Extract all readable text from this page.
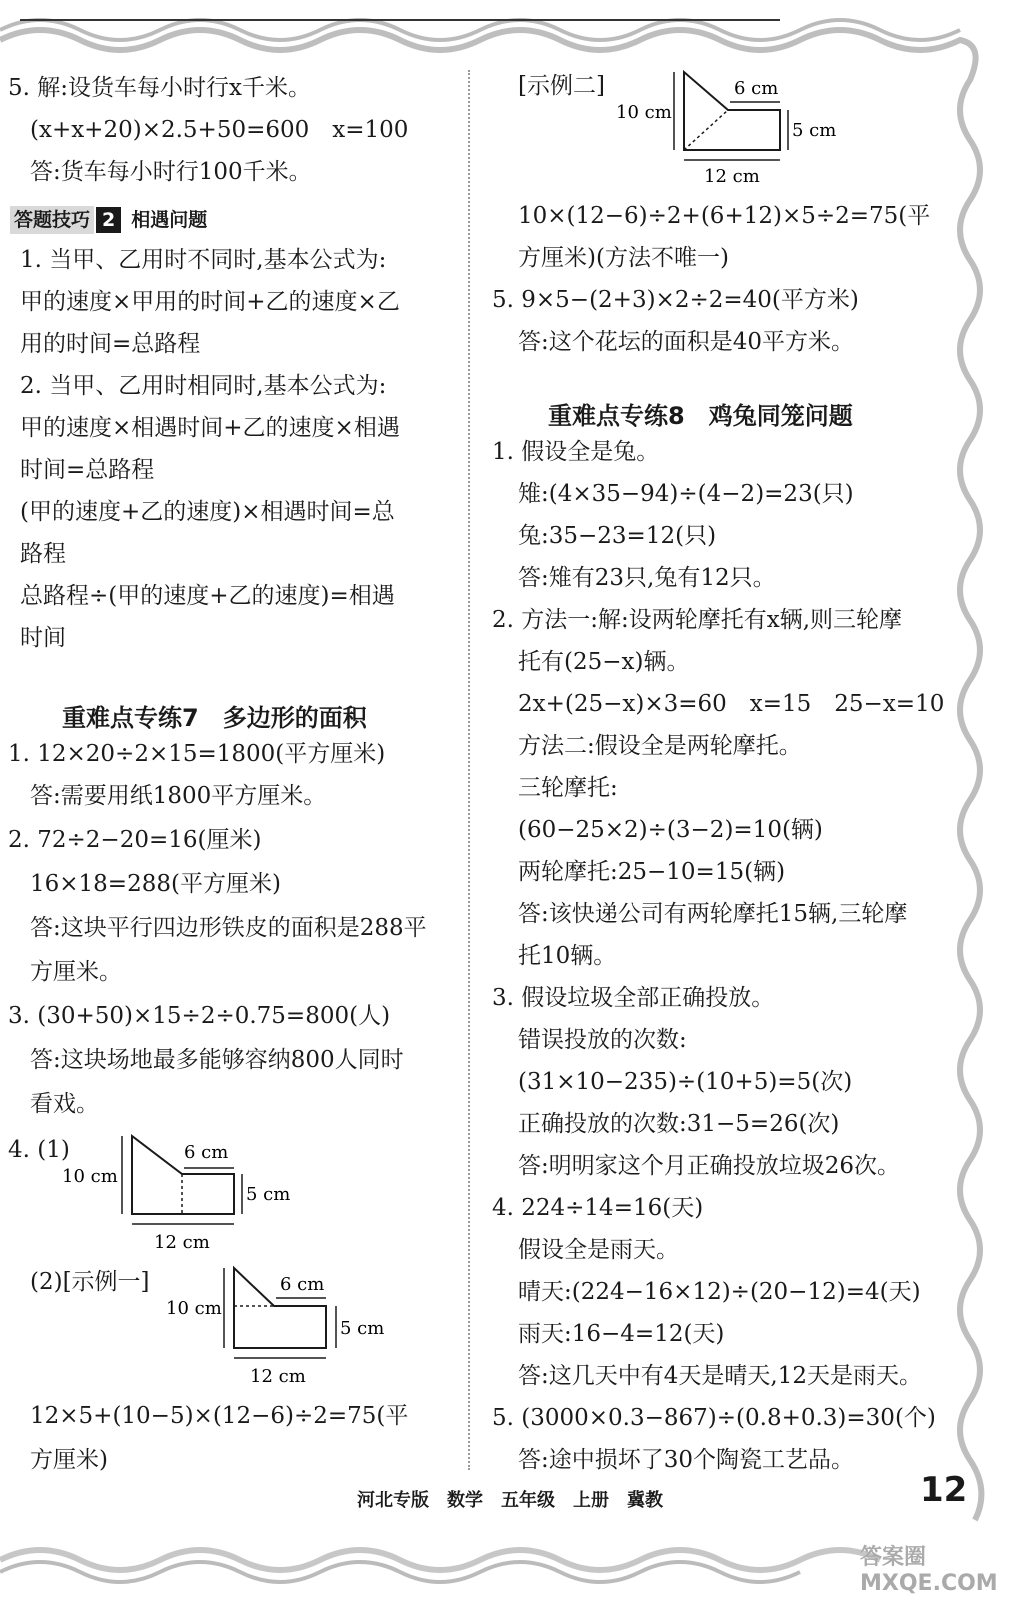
5. 解:设货车每小时行x千米。
(x+x+20)×2.5+50=600　x=100
答:货车每小时行100千米。
答题技巧 2 相遇问题
1. 当甲、乙用时不同时,基本公式为:
甲的速度×甲用的时间+乙的速度×乙
用的时间=总路程
2. 当甲、乙用时相同时,基本公式为:
甲的速度×相遇时间+乙的速度×相遇
时间=总路程
(甲的速度+乙的速度)×相遇时间=总
路程
总路程÷(甲的速度+乙的速度)=相遇
时间
重难点专练7　多边形的面积
1. 12×20÷2×15=1800(平方厘米)
答:需要用纸1800平方厘米。
2. 72÷2−20=16(厘米)
16×18=288(平方厘米)
答:这块平行四边形铁皮的面积是288平
方厘米。
3. (30+50)×15÷2÷0.75=800(人)
答:这块场地最多能够容纳800人同时
看戏。
4. (1)
10 cm
6 cm
5 cm
12 cm
(2)[示例一]
10 cm
6 cm
5 cm
12 cm
12×5+(10−5)×(12−6)÷2=75(平
方厘米)
[示例二]
10 cm
6 cm
5 cm
12 cm
10×(12−6)÷2+(6+12)×5÷2=75(平
方厘米)(方法不唯一)
5. 9×5−(2+3)×2÷2=40(平方米)
答:这个花坛的面积是40平方米。
重难点专练8　鸡兔同笼问题
1. 假设全是兔。
雉:(4×35−94)÷(4−2)=23(只)
兔:35−23=12(只)
答:雉有23只,兔有12只。
2. 方法一:解:设两轮摩托有x辆,则三轮摩
托有(25−x)辆。
2x+(25−x)×3=60　x=15　25−x=10
方法二:假设全是两轮摩托。
三轮摩托:
(60−25×2)÷(3−2)=10(辆)
两轮摩托:25−10=15(辆)
答:该快递公司有两轮摩托15辆,三轮摩
托10辆。
3. 假设垃圾全部正确投放。
错误投放的次数:
(31×10−235)÷(10+5)=5(次)
正确投放的次数:31−5=26(次)
答:明明家这个月正确投放垃圾26次。
4. 224÷14=16(天)
假设全是雨天。
晴天:(224−16×12)÷(20−12)=4(天)
雨天:16−4=12(天)
答:这几天中有4天是晴天,12天是雨天。
5. (3000×0.3−867)÷(0.8+0.3)=30(个)
答:途中损坏了30个陶瓷工艺品。
河北专版　数学　五年级　上册　冀教	12
答案圈 MXQE.COM
